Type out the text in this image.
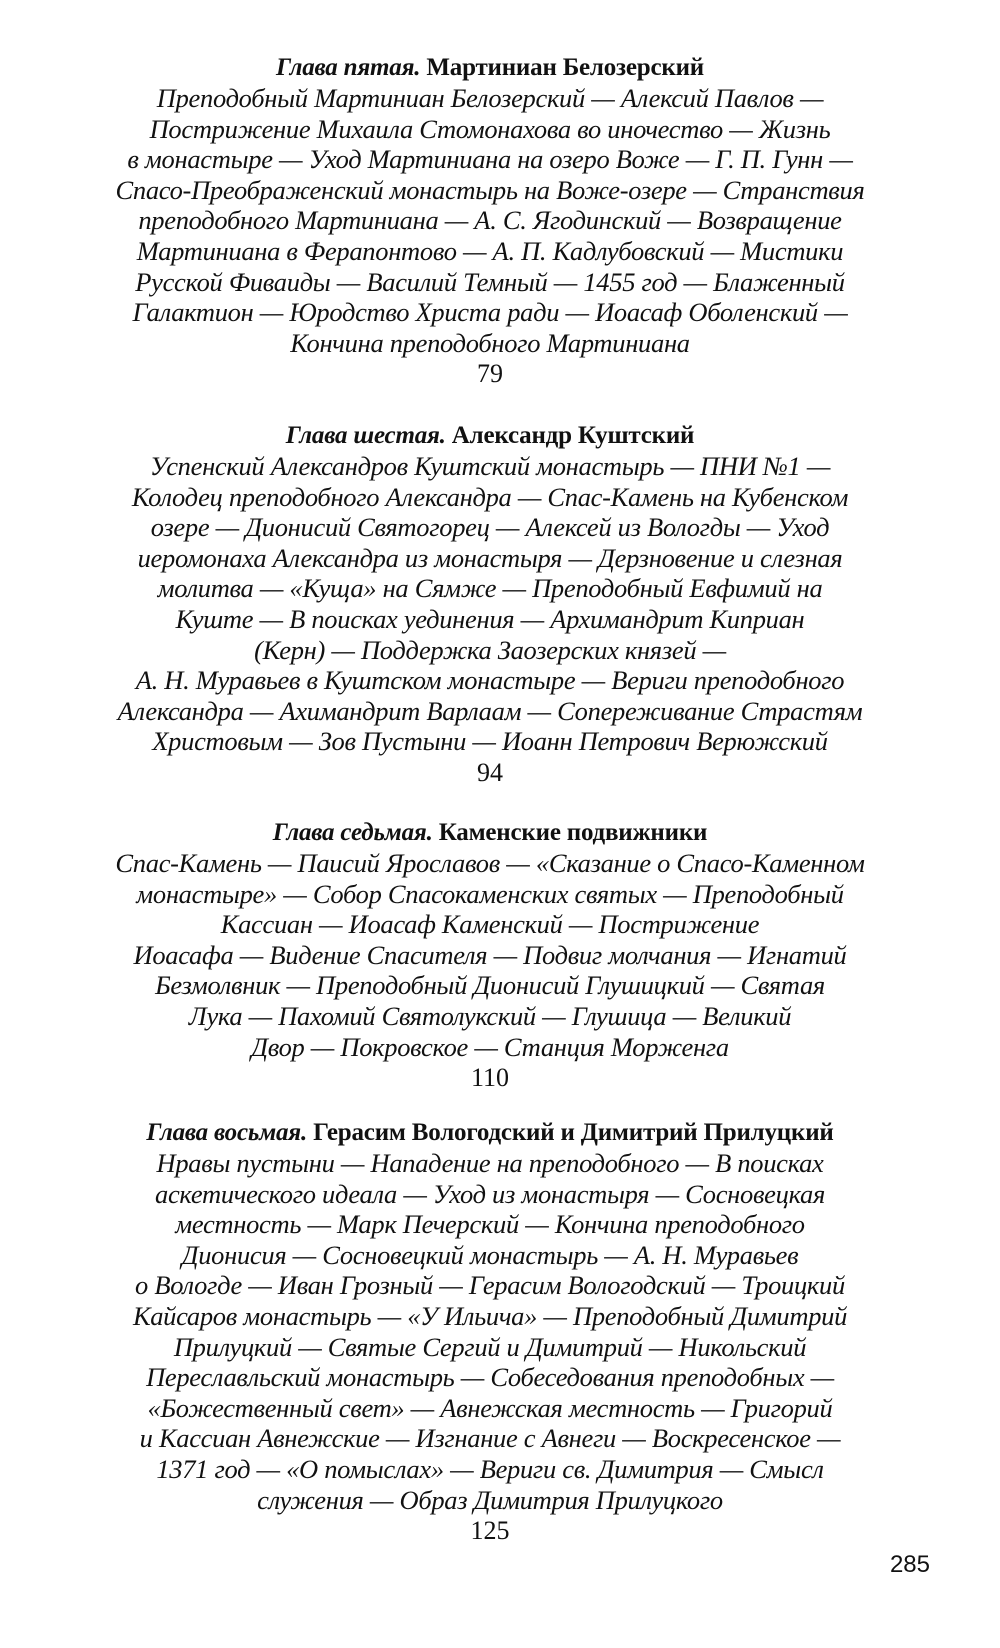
Глава пятая. Мартиниан Белозерский

Преподобный Мартиниан Белозерский — Алексий Павлов —

Пострижение Михаила Стомонахова во иночество — Жизнь

в монастыре — Уход Мартиниана на озеро Воже — Г. П. Гунн —

Спасо-Преображенский монастырь на Воже-озере — Странствия

преподобного Мартиниана — А. С. Ягодинский — Возвращение

Мартиниана в Ферапонтово — А. П. Кадлубовский — Мистики

Русской Фиваиды — Василий Темный — 1455 год — Блаженный

Галактион — Юродство Христа ради — Иоасаф Оболенский —

Кончина преподобного Мартиниана

79

Глава шестая. Александр Куштский

Успенский Александров Куштский монастырь — ПНИ №1 —

Колодец преподобного Александра — Спас-Камень на Кубенском

озере — Дионисий Святогорец — Алексей из Вологды — Уход

иеромонаха Александра из монастыря — Дерзновение и слезная

молитва — «Куща» на Сямже — Преподобный Евфимий на

Куште — В поисках уединения — Архимандрит Киприан

(Керн) — Поддержка Заозерских князей —

А. Н. Муравьев в Куштском монастыре — Вериги преподобного

Александра — Ахимандрит Варлаам — Сопереживание Страстям

Христовым — Зов Пустыни — Иоанн Петрович Верюжский

94

Глава седьмая. Каменские подвижники

Спас-Камень — Паисий Ярославов — «Сказание о Спасо-Каменном

монастыре» — Собор Спасокаменских святых — Преподобный

Кассиан — Иоасаф Каменский — Пострижение

Иоасафа — Видение Спасителя — Подвиг молчания — Игнатий

Безмолвник — Преподобный Дионисий Глушицкий — Святая

Лука — Пахомий Святолукский — Глушица — Великий

Двор — Покровское — Станция Морженга

110

Глава восьмая. Герасим Вологодский и Димитрий Прилуцкий

Нравы пустыни — Нападение на преподобного — В поисках

аскетического идеала — Уход из монастыря — Сосновецкая

местность — Марк Печерский — Кончина преподобного

Дионисия — Сосновецкий монастырь — А. Н. Муравьев

о Вологде — Иван Грозный — Герасим Вологодский — Троицкий

Кайсаров монастырь — «У Ильича» — Преподобный Димитрий

Прилуцкий — Святые Сергий и Димитрий — Никольский

Переславльский монастырь — Собеседования преподобных —

«Божественный свет» — Авнежская местность — Григорий

и Кассиан Авнежские — Изгнание с Авнеги — Воскресенское —

1371 год — «О помыслах» — Вериги св. Димитрия — Смысл

служения — Образ Димитрия Прилуцкого

125

285
